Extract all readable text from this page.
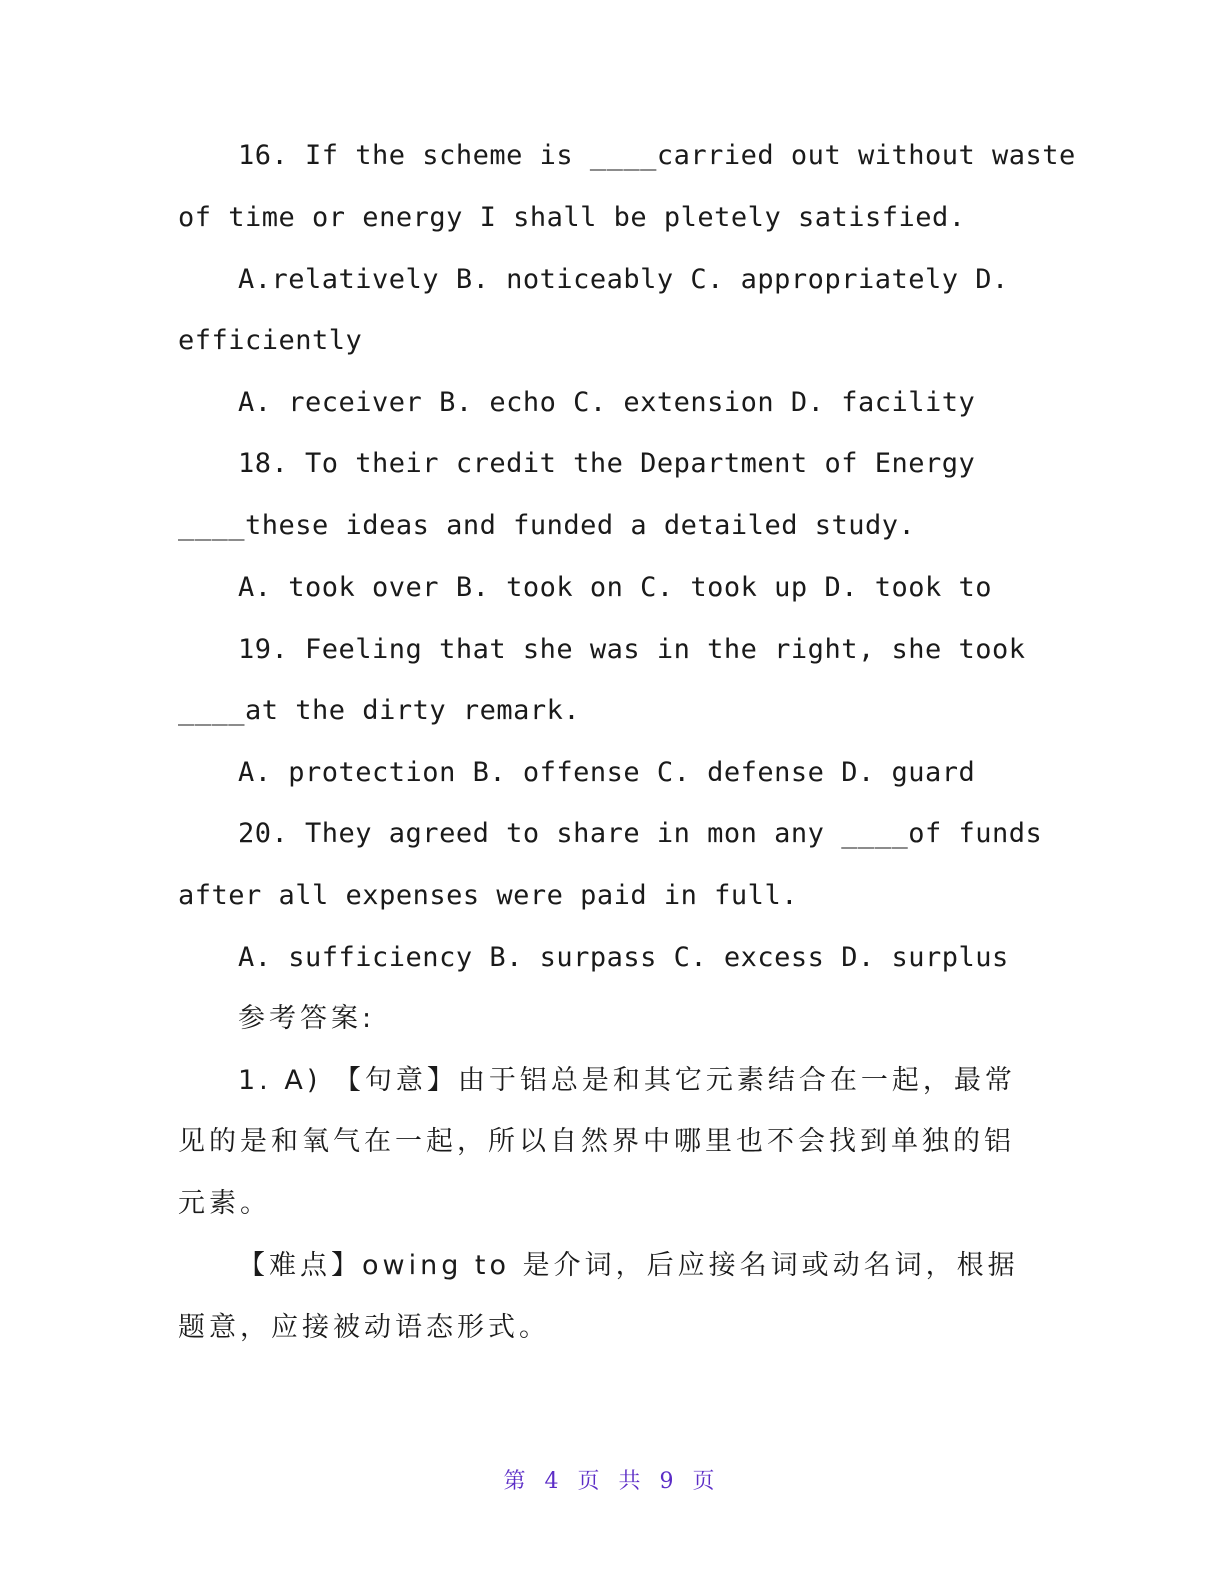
16. If the scheme is ____carried out without waste
of time or energy I shall be pletely satisfied.
A.relatively B. noticeably C. appropriately D.
efficiently
A. receiver B. echo C. extension D. facility
18. To their credit the Department of Energy
____these ideas and funded a detailed study.
A. took over B. took on C. took up D. took to
19. Feeling that she was in the right, she took
____at the dirty remark.
A. protection B. offense C. defense D. guard
20. They agreed to share in mon any ____of funds
after all expenses were paid in full.
A. sufficiency B. surpass C. excess D. surplus
参考答案:
1. A) 【句意】由于铝总是和其它元素结合在一起，最常
见的是和氧气在一起，所以自然界中哪里也不会找到单独的铝
元素。
【难点】owing to 是介词，后应接名词或动名词，根据
题意，应接被动语态形式。
第 4 页 共 9 页
